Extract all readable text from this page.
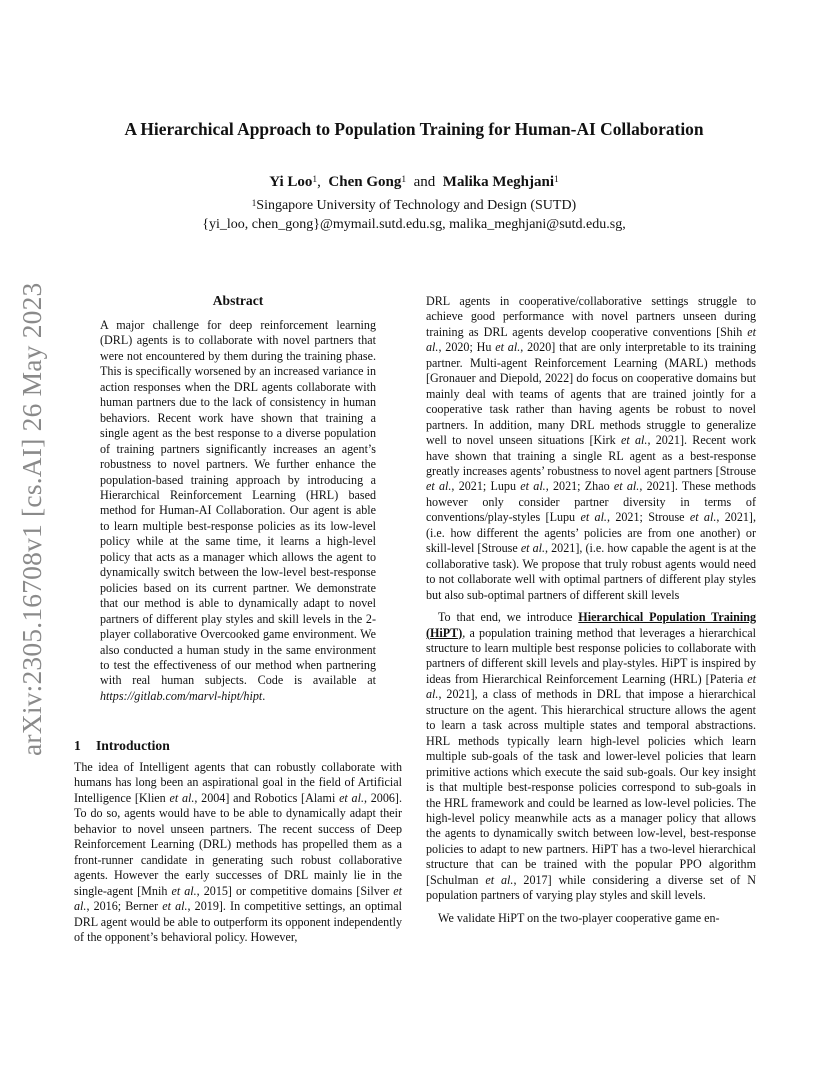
arXiv:2305.16708v1 [cs.AI] 26 May 2023
A Hierarchical Approach to Population Training for Human-AI Collaboration
Yi Loo$^1$,  Chen Gong$^1$ and Malika Meghjani$^1$
$^1$Singapore University of Technology and Design (SUTD)
{yi_loo, chen_gong}@mymail.sutd.edu.sg, malika_meghjani@sutd.edu.sg,
Abstract
A major challenge for deep reinforcement learning (DRL) agents is to collaborate with novel partners that were not encountered by them during the training phase. This is specifically worsened by an increased variance in action responses when the DRL agents collaborate with human partners due to the lack of consistency in human behaviors. Recent work have shown that training a single agent as the best response to a diverse population of training partners significantly increases an agent’s robustness to novel partners. We further enhance the population-based training approach by introducing a Hierarchical Reinforcement Learning (HRL) based method for Human-AI Collaboration. Our agent is able to learn multiple best-response policies as its low-level policy while at the same time, it learns a high-level policy that acts as a manager which allows the agent to dynamically switch between the low-level best-response policies based on its current partner. We demonstrate that our method is able to dynamically adapt to novel partners of different play styles and skill levels in the 2-player collaborative Overcooked game environment. We also conducted a human study in the same environment to test the effectiveness of our method when partnering with real human subjects. Code is available at https://gitlab.com/marvl-hipt/hipt.
1 Introduction

The idea of Intelligent agents that can robustly collaborate with humans has long been an aspirational goal in the field of Artificial Intelligence [Klien et al., 2004] and Robotics [Alami et al., 2006]. To do so, agents would have to be able to dynamically adapt their behavior to novel unseen partners. The recent success of Deep Reinforcement Learning (DRL) methods has propelled them as a front-runner candidate in generating such robust collaborative agents. However the early successes of DRL mainly lie in the single-agent [Mnih et al., 2015] or competitive domains [Silver et al., 2016; Berner et al., 2019]. In competitive settings, an optimal DRL agent would be able to outperform its opponent independently of the opponent’s behavioral policy. However,

DRL agents in cooperative/collaborative settings struggle to achieve good performance with novel partners unseen during training as DRL agents develop cooperative conventions [Shih et al., 2020; Hu et al., 2020] that are only interpretable to its training partner. Multi-agent Reinforcement Learning (MARL) methods [Gronauer and Diepold, 2022] do focus on cooperative domains but mainly deal with teams of agents that are trained jointly for a cooperative task rather than having agents be robust to novel partners. In addition, many DRL methods struggle to generalize well to novel unseen situations [Kirk et al., 2021]. Recent work have shown that training a single RL agent as a best-response greatly increases agents’ robustness to novel agent partners [Strouse et al., 2021; Lupu et al., 2021; Zhao et al., 2021]. These methods however only consider partner diversity in terms of conventions/play-styles [Lupu et al., 2021; Strouse et al., 2021], (i.e. how different the agents’ policies are from one another) or skill-level [Strouse et al., 2021], (i.e. how capable the agent is at the collaborative task). We propose that truly robust agents would need to not collaborate well with optimal partners of different play styles but also sub-optimal partners of different skill levels

To that end, we introduce Hierarchical Population Training (HiPT), a population training method that leverages a hierarchical structure to learn multiple best response policies to collaborate with partners of different skill levels and play-styles. HiPT is inspired by ideas from Hierarchical Reinforcement Learning (HRL) [Pateria et al., 2021], a class of methods in DRL that impose a hierarchical structure on the agent. This hierarchical structure allows the agent to learn a task across multiple states and temporal abstractions. HRL methods typically learn high-level policies which learn multiple sub-goals of the task and lower-level policies that learn primitive actions which execute the said sub-goals. Our key insight is that multiple best-response policies correspond to sub-goals in the HRL framework and could be learned as low-level policies. The high-level policy meanwhile acts as a manager policy that allows the agents to dynamically switch between low-level, best-response policies to adapt to new partners. HiPT has a two-level hierarchical structure that can be trained with the popular PPO algorithm [Schulman et al., 2017] while considering a diverse set of N population partners of varying play styles and skill levels.

We validate HiPT on the two-player cooperative game en-
